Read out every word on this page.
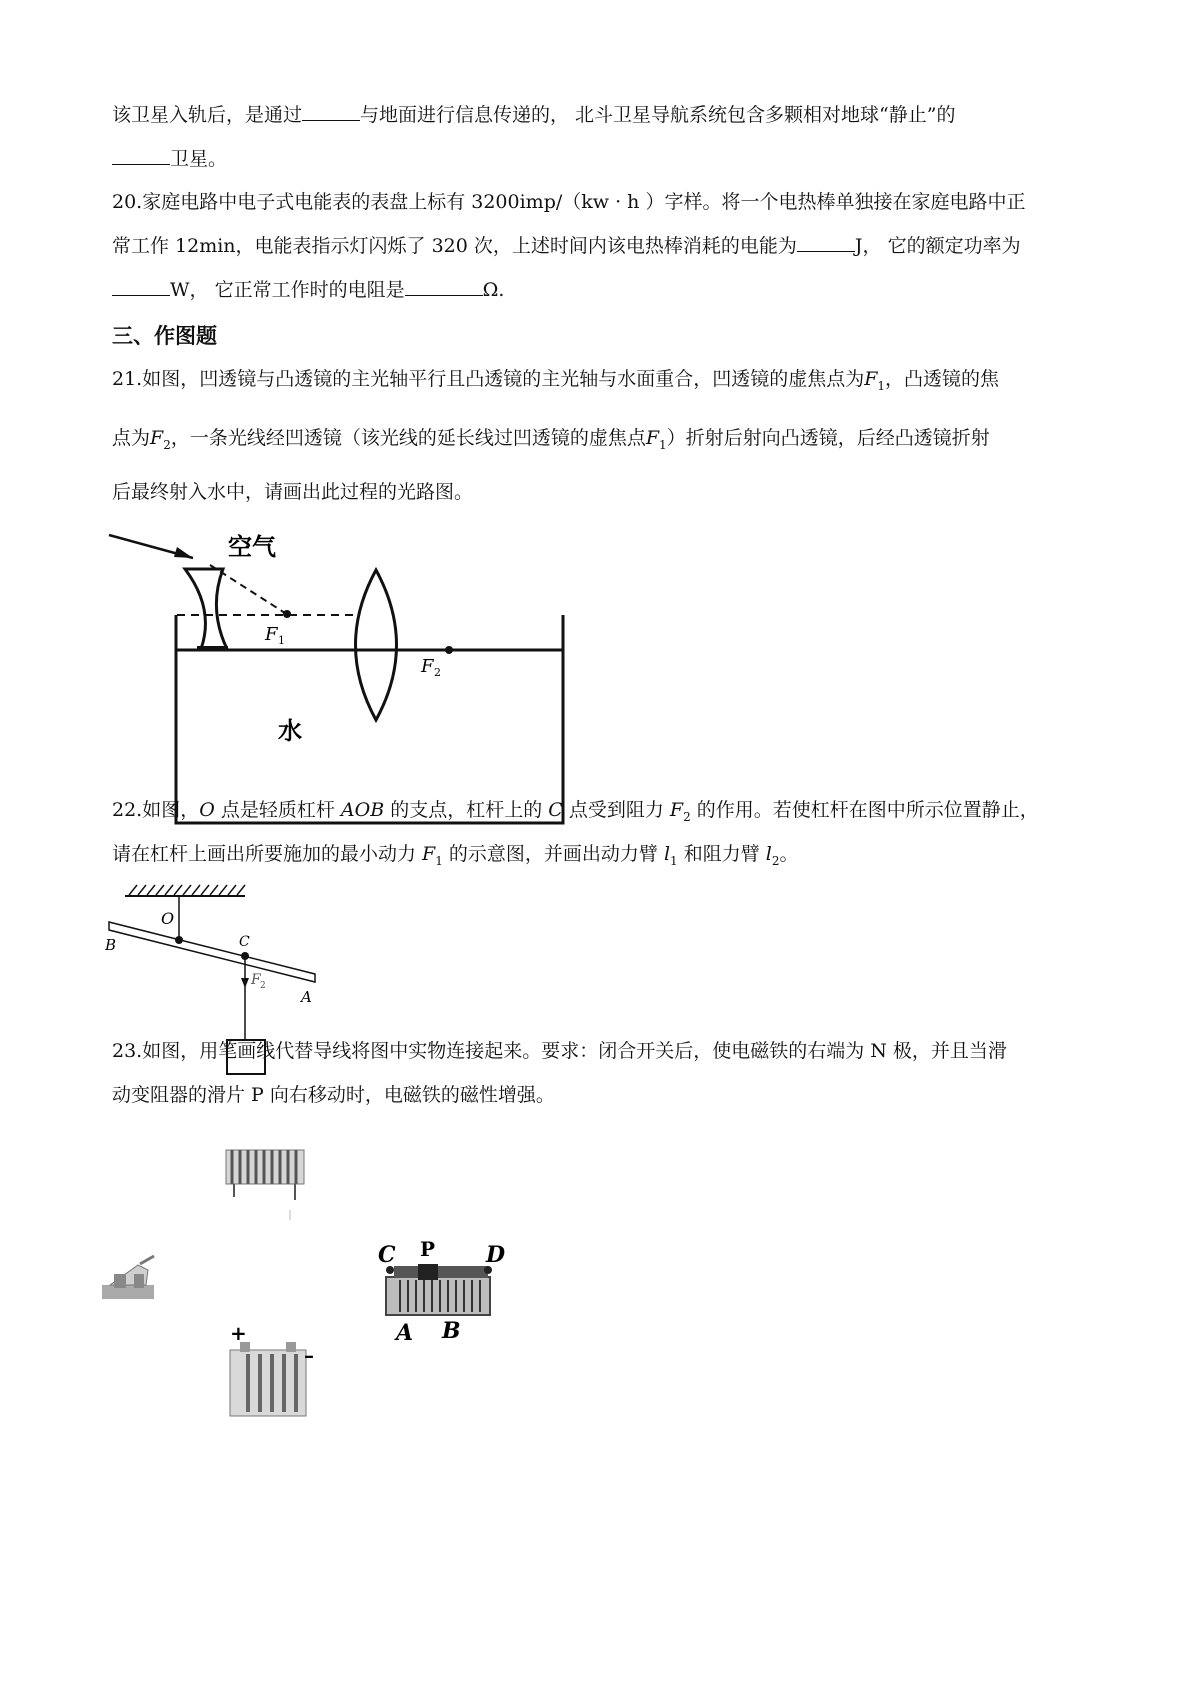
该卫星入轨后，是通过	与地面进行信息传递的， 北斗卫星导航系统包含多颗相对地球“静止”的
卫星。
20.家庭电路中电子式电能表的表盘上标有 3200imp/（kw · h ）字样。将一个电热棒单独接在家庭电路中正
常工作 12min，电能表指示灯闪烁了 320 次，上述时间内该电热棒消耗的电能为	J， 它的额定功率为
W， 它正常工作时的电阻是	Ω.
三、作图题
21.如图，凹透镜与凸透镜的主光轴平行且凸透镜的主光轴与水面重合，凹透镜的虚焦点为$F_1$，凸透镜的焦
点为$F_2$，一条光线经凹透镜（该光线的延长线过凹透镜的虚焦点$F_1$）折射后射向凸透镜，后经凸透镜折射
后最终射入水中，请画出此过程的光路图。
空气
水
F 1
F 2
22.如图，O 点是轻质杠杆 AOB 的支点，杠杆上的 C 点受到阻力 $F_2$ 的作用。若使杠杆在图中所示位置静止，
请在杠杆上画出所要施加的最小动力 $F_1$ 的示意图，并画出动力臂 $l_1$ 和阻力臂 $l_2$。
O
B	C
A
F 2
23.如图，用笔画线代替导线将图中实物连接起来。要求：闭合开关后，使电磁铁的右端为 N 极，并且当滑
动变阻器的滑片 P 向右移动时，电磁铁的磁性增强。
C P D
A B
+
–
